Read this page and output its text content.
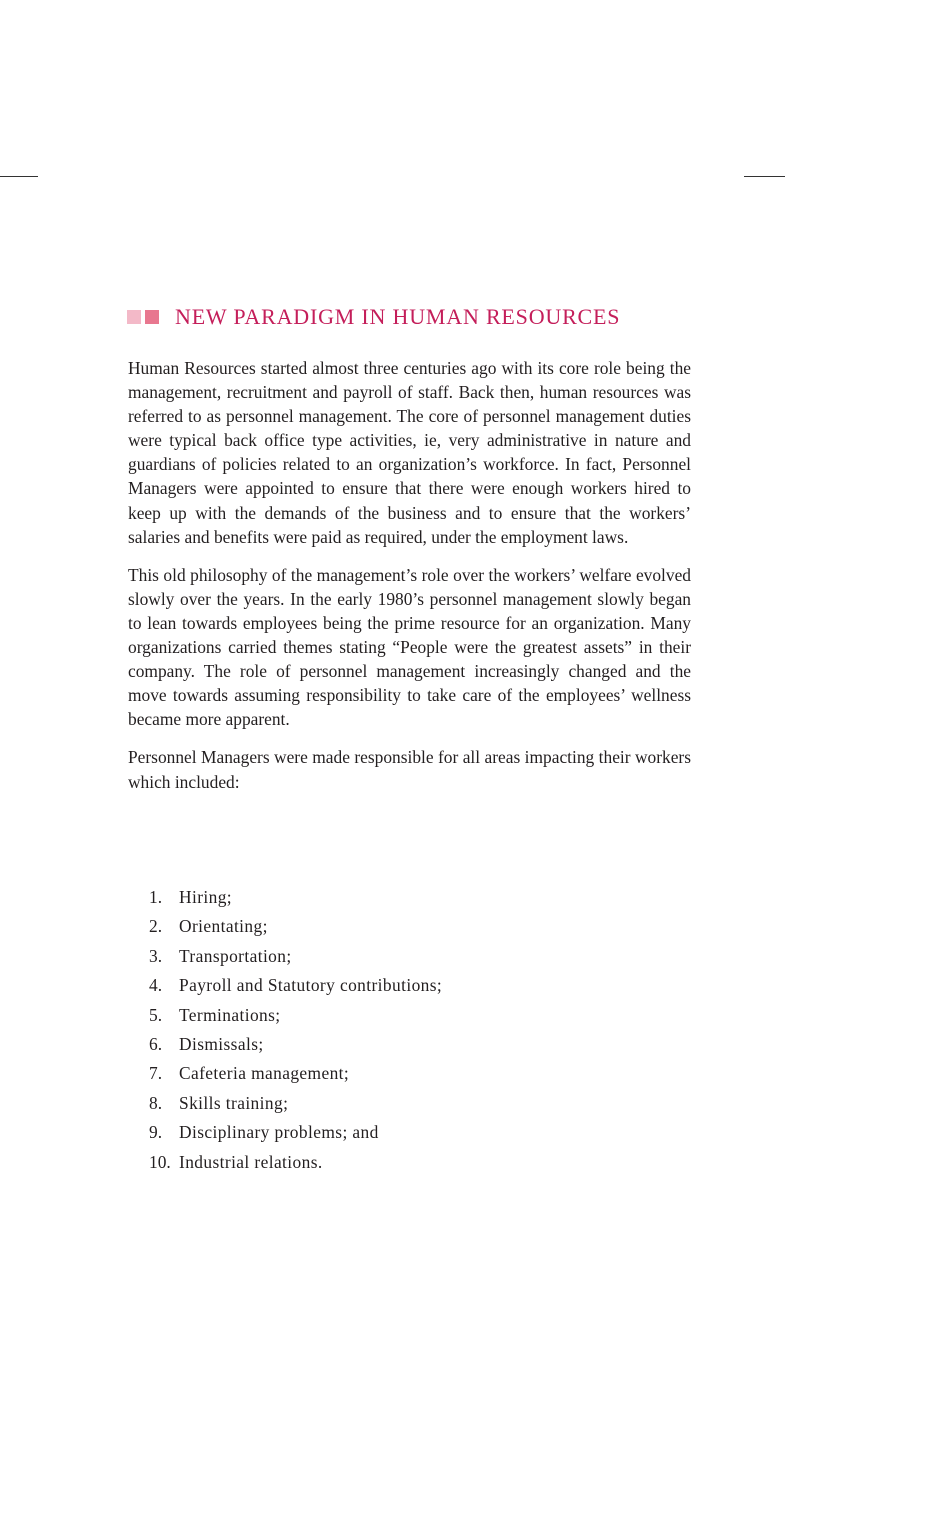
NEW PARADIGM IN HUMAN RESOURCES

Human Resources started almost three centuries ago with its core role being the management, recruitment and payroll of staff. Back then, human resources was referred to as personnel management. The core of personnel management duties were typical back office type activities, ie, very administrative in nature and guardians of policies related to an organization’s workforce. In fact, Personnel Managers were appointed to ensure that there were enough workers hired to keep up with the demands of the business and to ensure that the workers’ salaries and benefits were paid as required, under the employment laws.

This old philosophy of the management’s role over the workers’ welfare evolved slowly over the years. In the early 1980’s personnel management slowly began to lean towards employees being the prime resource for an organization. Many organizations carried themes stating “People were the greatest assets” in their company. The role of personnel management increasingly changed and the move towards assuming responsibility to take care of the employees’ wellness became more apparent.

Personnel Managers were made responsible for all areas impacting their workers which included:

1. Hiring;
2. Orientating;
3. Transportation;
4. Payroll and Statutory contributions;
5. Terminations;
6. Dismissals;
7. Cafeteria management;
8. Skills training;
9. Disciplinary problems; and
10. Industrial relations.
